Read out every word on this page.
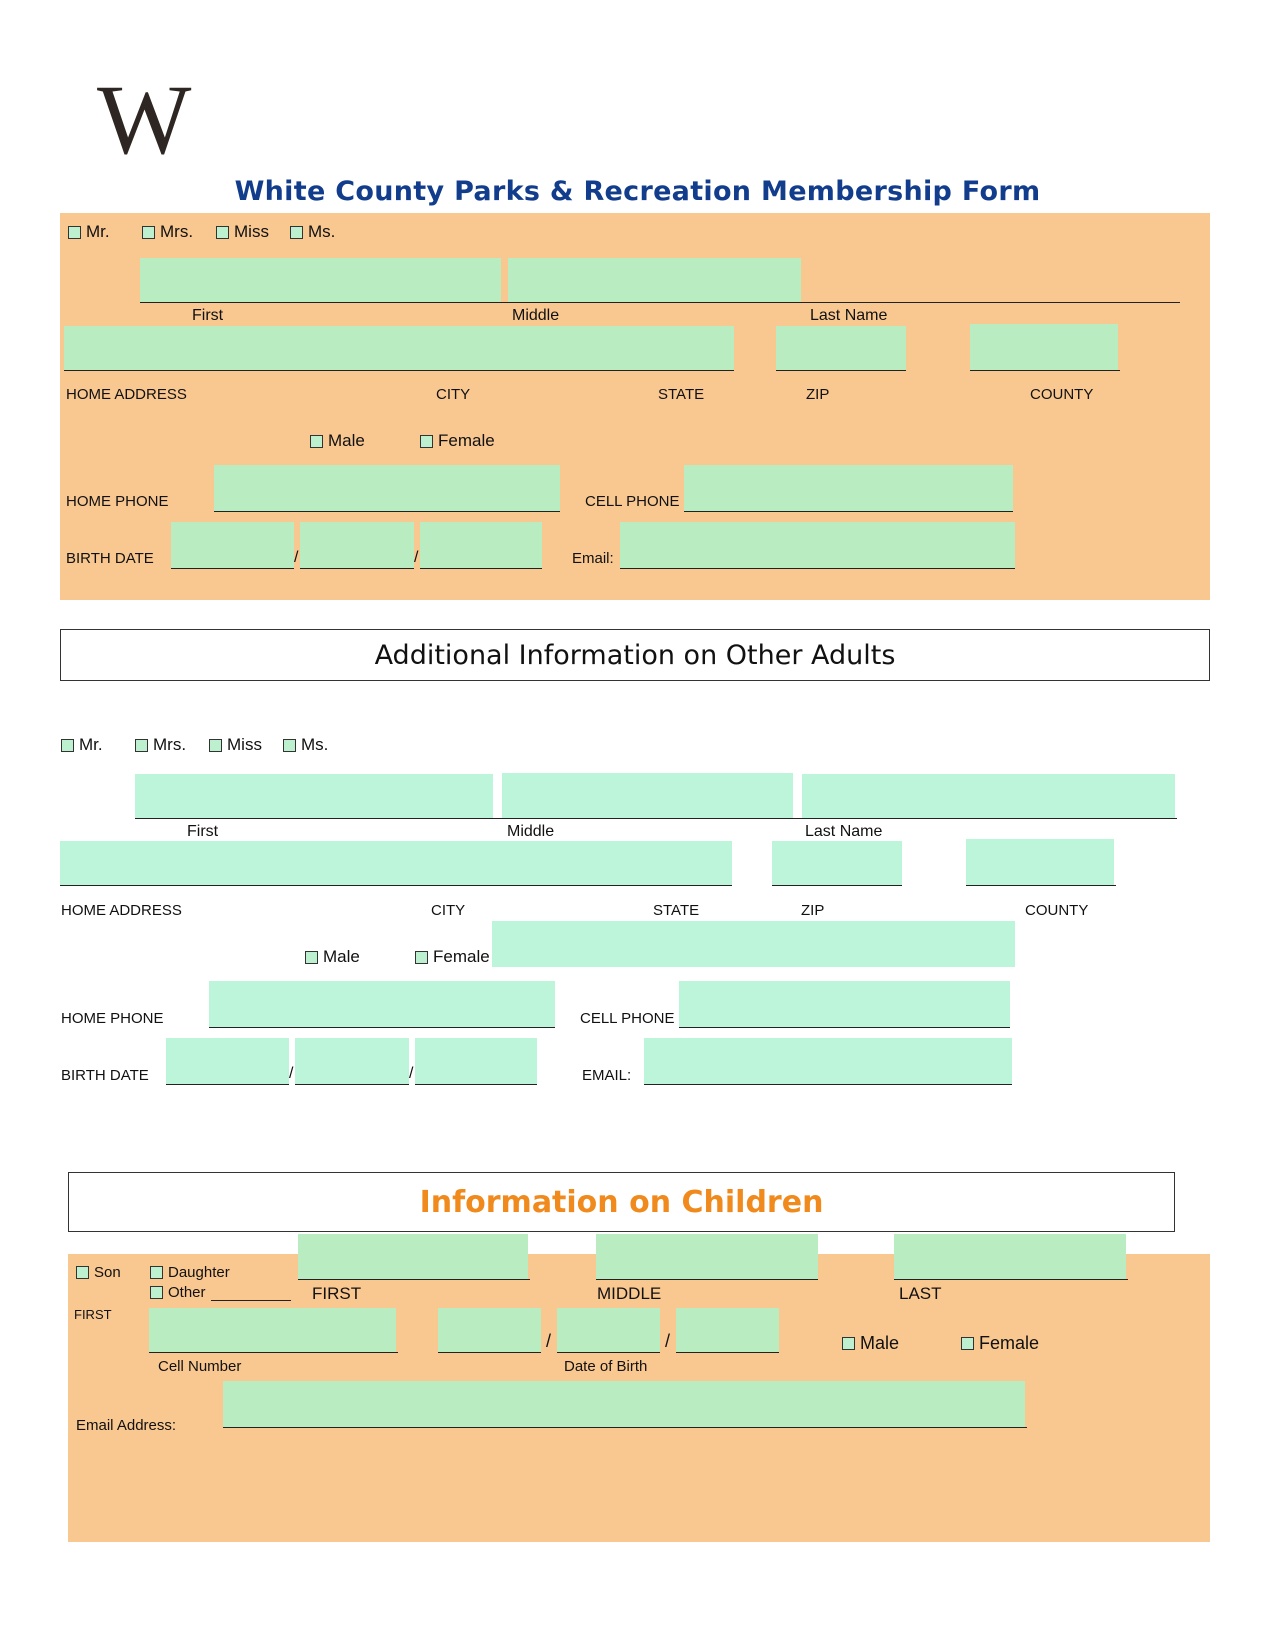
W
White County Parks & Recreation Membership Form
Mr.	Mrs. Miss Ms.
First	Middle	Last Name
HOME ADDRESS	CITY	STATE	ZIP	COUNTY
Male	Female
HOME PHONE	CELL PHONE
BIRTH DATE	/	/	Email:
Additional Information on Other Adults
Mr.	Mrs. Miss Ms.
First	Middle	Last Name
HOME ADDRESS	CITY	STATE	ZIP	COUNTY
Male	Female
HOME PHONE	CELL PHONE
BIRTH DATE	/	/	EMAIL:
Information on Children
Son	Daughter
Other
FIRST
FIRST	MIDDLE	LAST
/	/
Cell Number	Date of Birth
Male	Female
Email Address:
